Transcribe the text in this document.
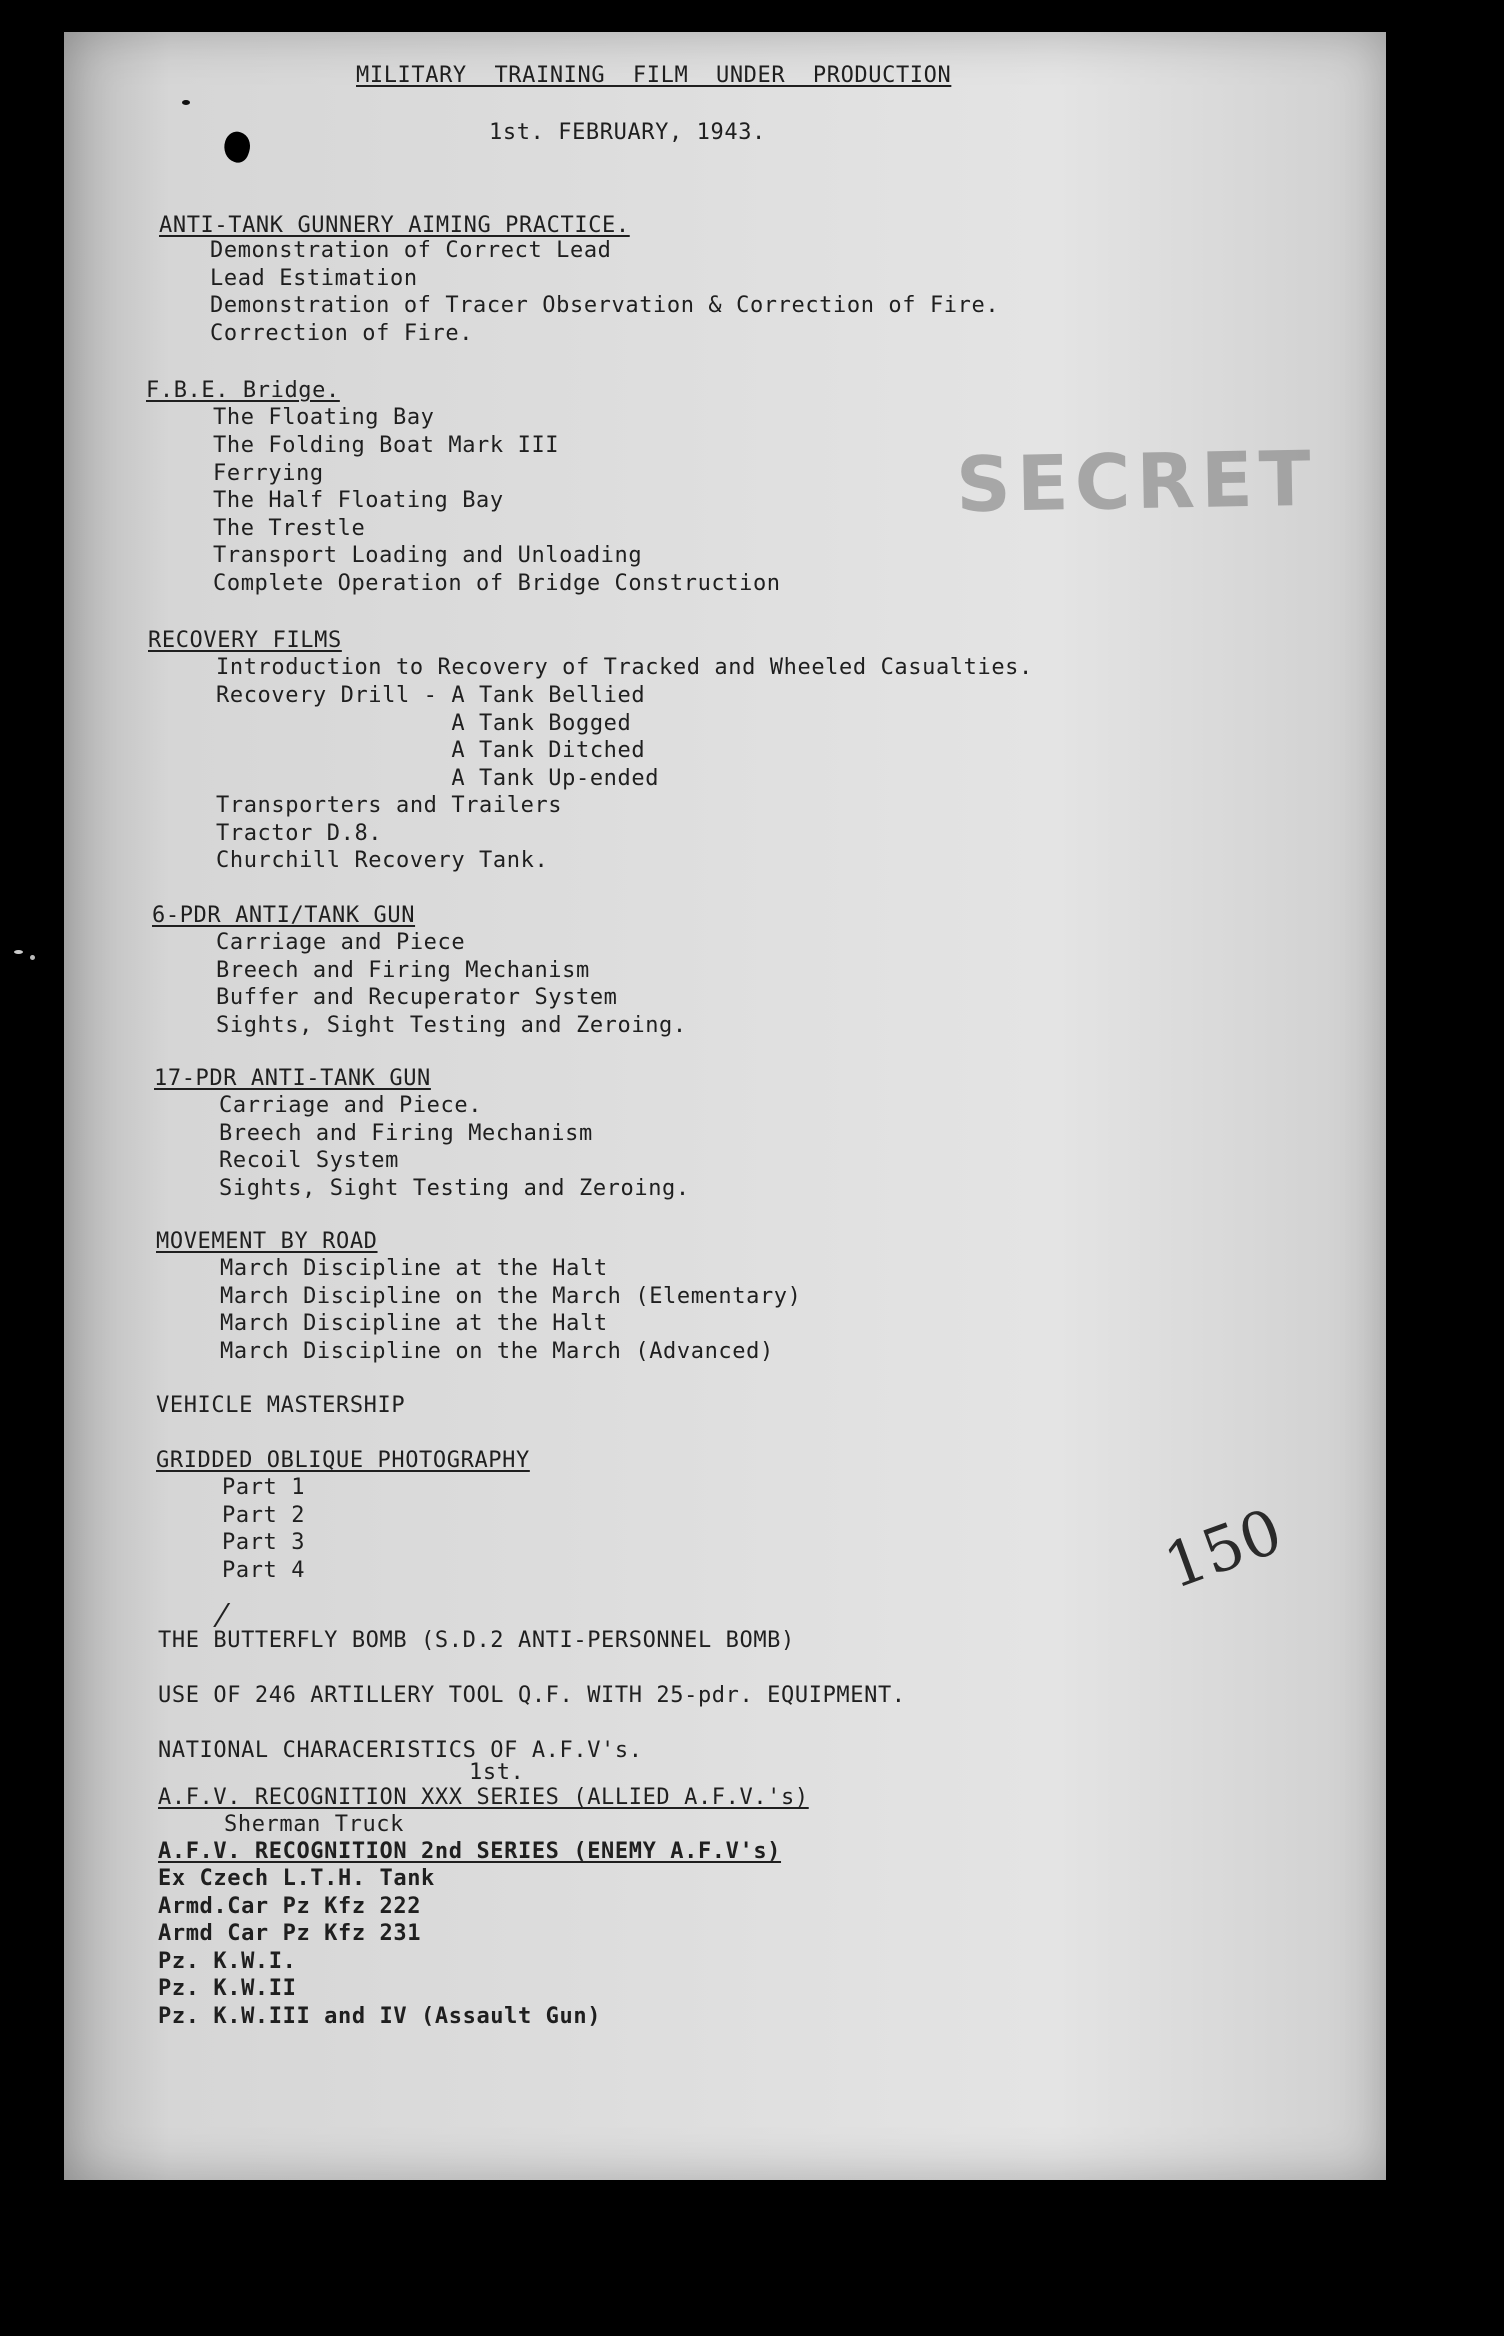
MILITARY  TRAINING  FILM  UNDER  PRODUCTION

1st. FEBRUARY, 1943.

ANTI-TANK GUNNERY AIMING PRACTICE.

Demonstration of Correct Lead

Lead Estimation

Demonstration of Tracer Observation & Correction of Fire.

Correction of Fire.

F.B.E. Bridge.

The Floating Bay

The Folding Boat Mark III

Ferrying

The Half Floating Bay

The Trestle

Transport Loading and Unloading

Complete Operation of Bridge Construction

SECRET

RECOVERY FILMS

Introduction to Recovery of Tracked and Wheeled Casualties.

Recovery Drill - A Tank Bellied

A Tank Bogged

A Tank Ditched

A Tank Up-ended

Transporters and Trailers

Tractor D.8.

Churchill Recovery Tank.

6-PDR ANTI/TANK GUN

Carriage and Piece

Breech and Firing Mechanism

Buffer and Recuperator System

Sights, Sight Testing and Zeroing.

17-PDR ANTI-TANK GUN

Carriage and Piece.

Breech and Firing Mechanism

Recoil System

Sights, Sight Testing and Zeroing.

MOVEMENT BY ROAD

March Discipline at the Halt

March Discipline on the March (Elementary)

March Discipline at the Halt

March Discipline on the March (Advanced)

VEHICLE MASTERSHIP

GRIDDED OBLIQUE PHOTOGRAPHY

Part 1

Part 2

Part 3

Part 4

⁄
150

THE BUTTERFLY BOMB (S.D.2 ANTI-PERSONNEL BOMB)

USE OF 246 ARTILLERY TOOL Q.F. WITH 25-pdr. EQUIPMENT.

NATIONAL CHARACERISTICS OF A.F.V's.

1st.

A.F.V. RECOGNITION XXX SERIES (ALLIED A.F.V.'s)

Sherman Truck

A.F.V. RECOGNITION 2nd SERIES (ENEMY A.F.V's)

Ex Czech L.T.H. Tank

Armd.Car Pz Kfz 222

Armd Car Pz Kfz 231

Pz. K.W.I.

Pz. K.W.II

Pz. K.W.III and IV (Assault Gun)
